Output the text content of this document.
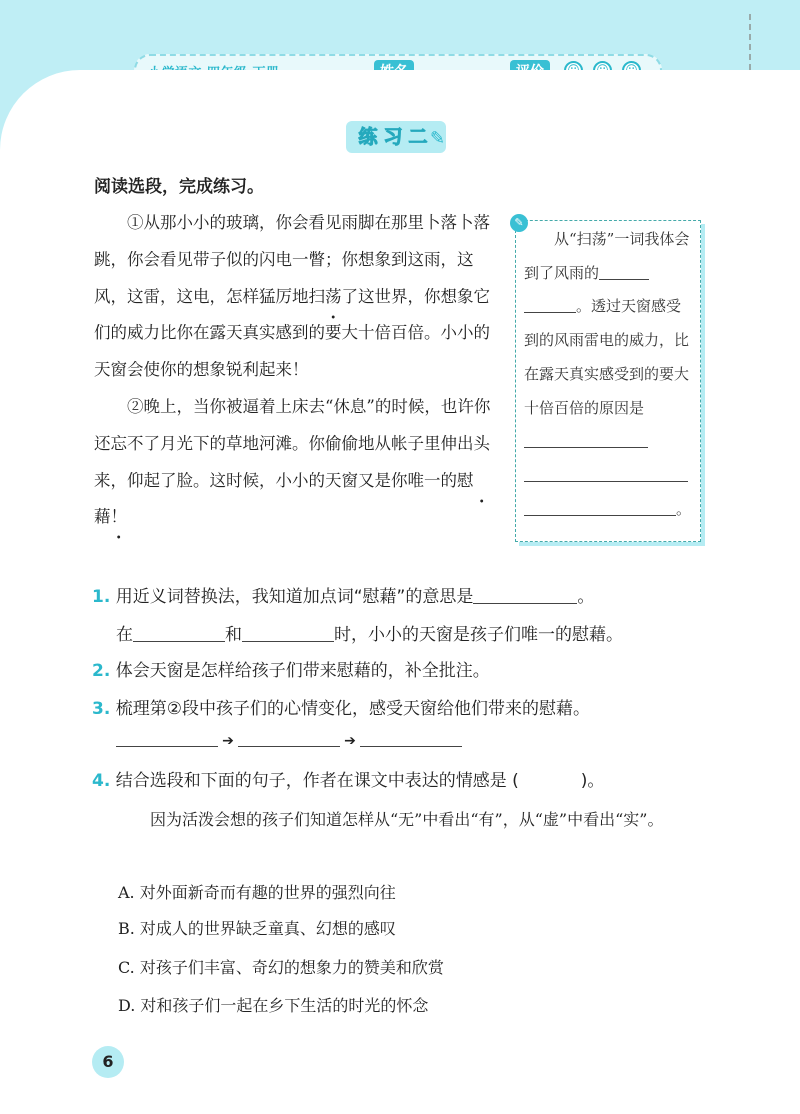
练习二
✎
阅读选段，完成练习。

①从那小小的玻璃，你会看见雨脚在那里卜落卜落跳，你会看见带子似的闪电一瞥；你想象到这雨，这风，这雷，这电，怎样猛厉地扫荡了这世界，你想象它们的威力比你在露天真实感到的要大十倍百倍。小小的天窗会使你的想象锐利起来！

②晚上，当你被逼着上床去“休息”的时候，也许你还忘不了月光下的草地河滩。你偷偷地从帐子里伸出头来，仰起了脸。这时候，小小的天窗又是你唯一的慰藉！

✎
从“扫荡”一词我体会到了风雨的
。透过天窗感受到的风雨雷电的威力，比在露天真实感受到的要大十倍百倍的原因是

。
1. 用近义词替换法，我知道加点词“慰藉”的意思是	。
在	和	时，小小的天窗是孩子们唯一的慰藉。
2. 体会天窗是怎样给孩子们带来慰藉的，补全批注。
3. 梳理第②段中孩子们的心情变化，感受天窗给他们带来的慰藉。
➔	➔
4. 结合选段和下面的句子，作者在课文中表达的情感是 (	)。
因为活泼会想的孩子们知道怎样从“无”中看出“有”，从“虚”中看出“实”。
A. 对外面新奇而有趣的世界的强烈向往
B. 对成人的世界缺乏童真、幻想的感叹
C. 对孩子们丰富、奇幻的想象力的赞美和欣赏
D. 对和孩子们一起在乡下生活的时光的怀念
6
